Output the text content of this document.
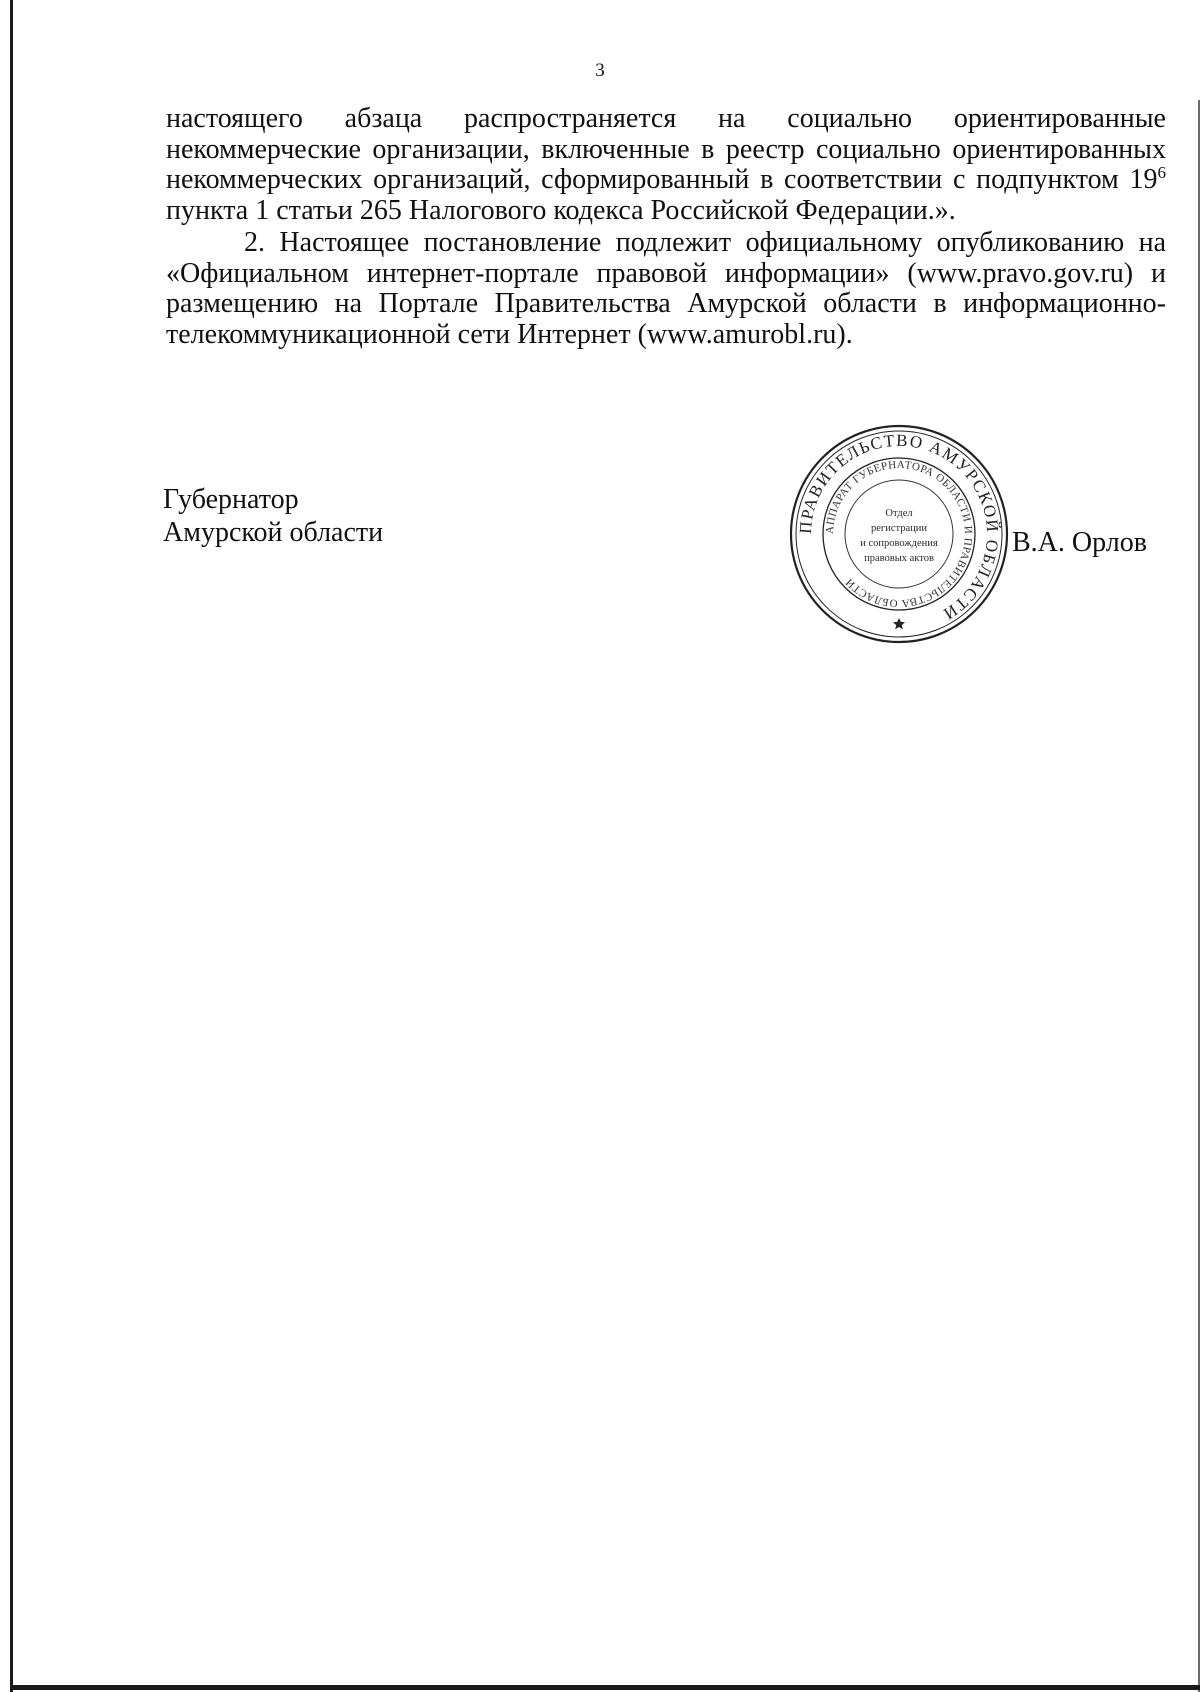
3

настоящего абзаца распространяется на социально ориентированные некоммерческие организации, включенные в реестр социально ориентированных некоммерческих организаций, сформированный в соответствии с подпунктом $19^6$ пункта 1 статьи 265 Налогового кодекса Российской Федерации.».

2. Настоящее постановление подлежит официальному опубликованию на «Официальном интернет-портале правовой информации» (www.pravo.gov.ru) и размещению на Портале Правительства Амурской области в информационно-телекоммуникационной сети Интернет (www.amurobl.ru).

Губернатор
Амурской области	ПРАВИТЕЛЬСТВО АМУРСКОЙ ОБЛАСТИ
АППАРАТ ГУБЕРНАТОРА ОБЛАСТИ И ПРАВИТЕЛЬСТВА ОБЛАСТИ
Отдел
регистрации
и сопровождения
правовых актов
В.А. Орлов
